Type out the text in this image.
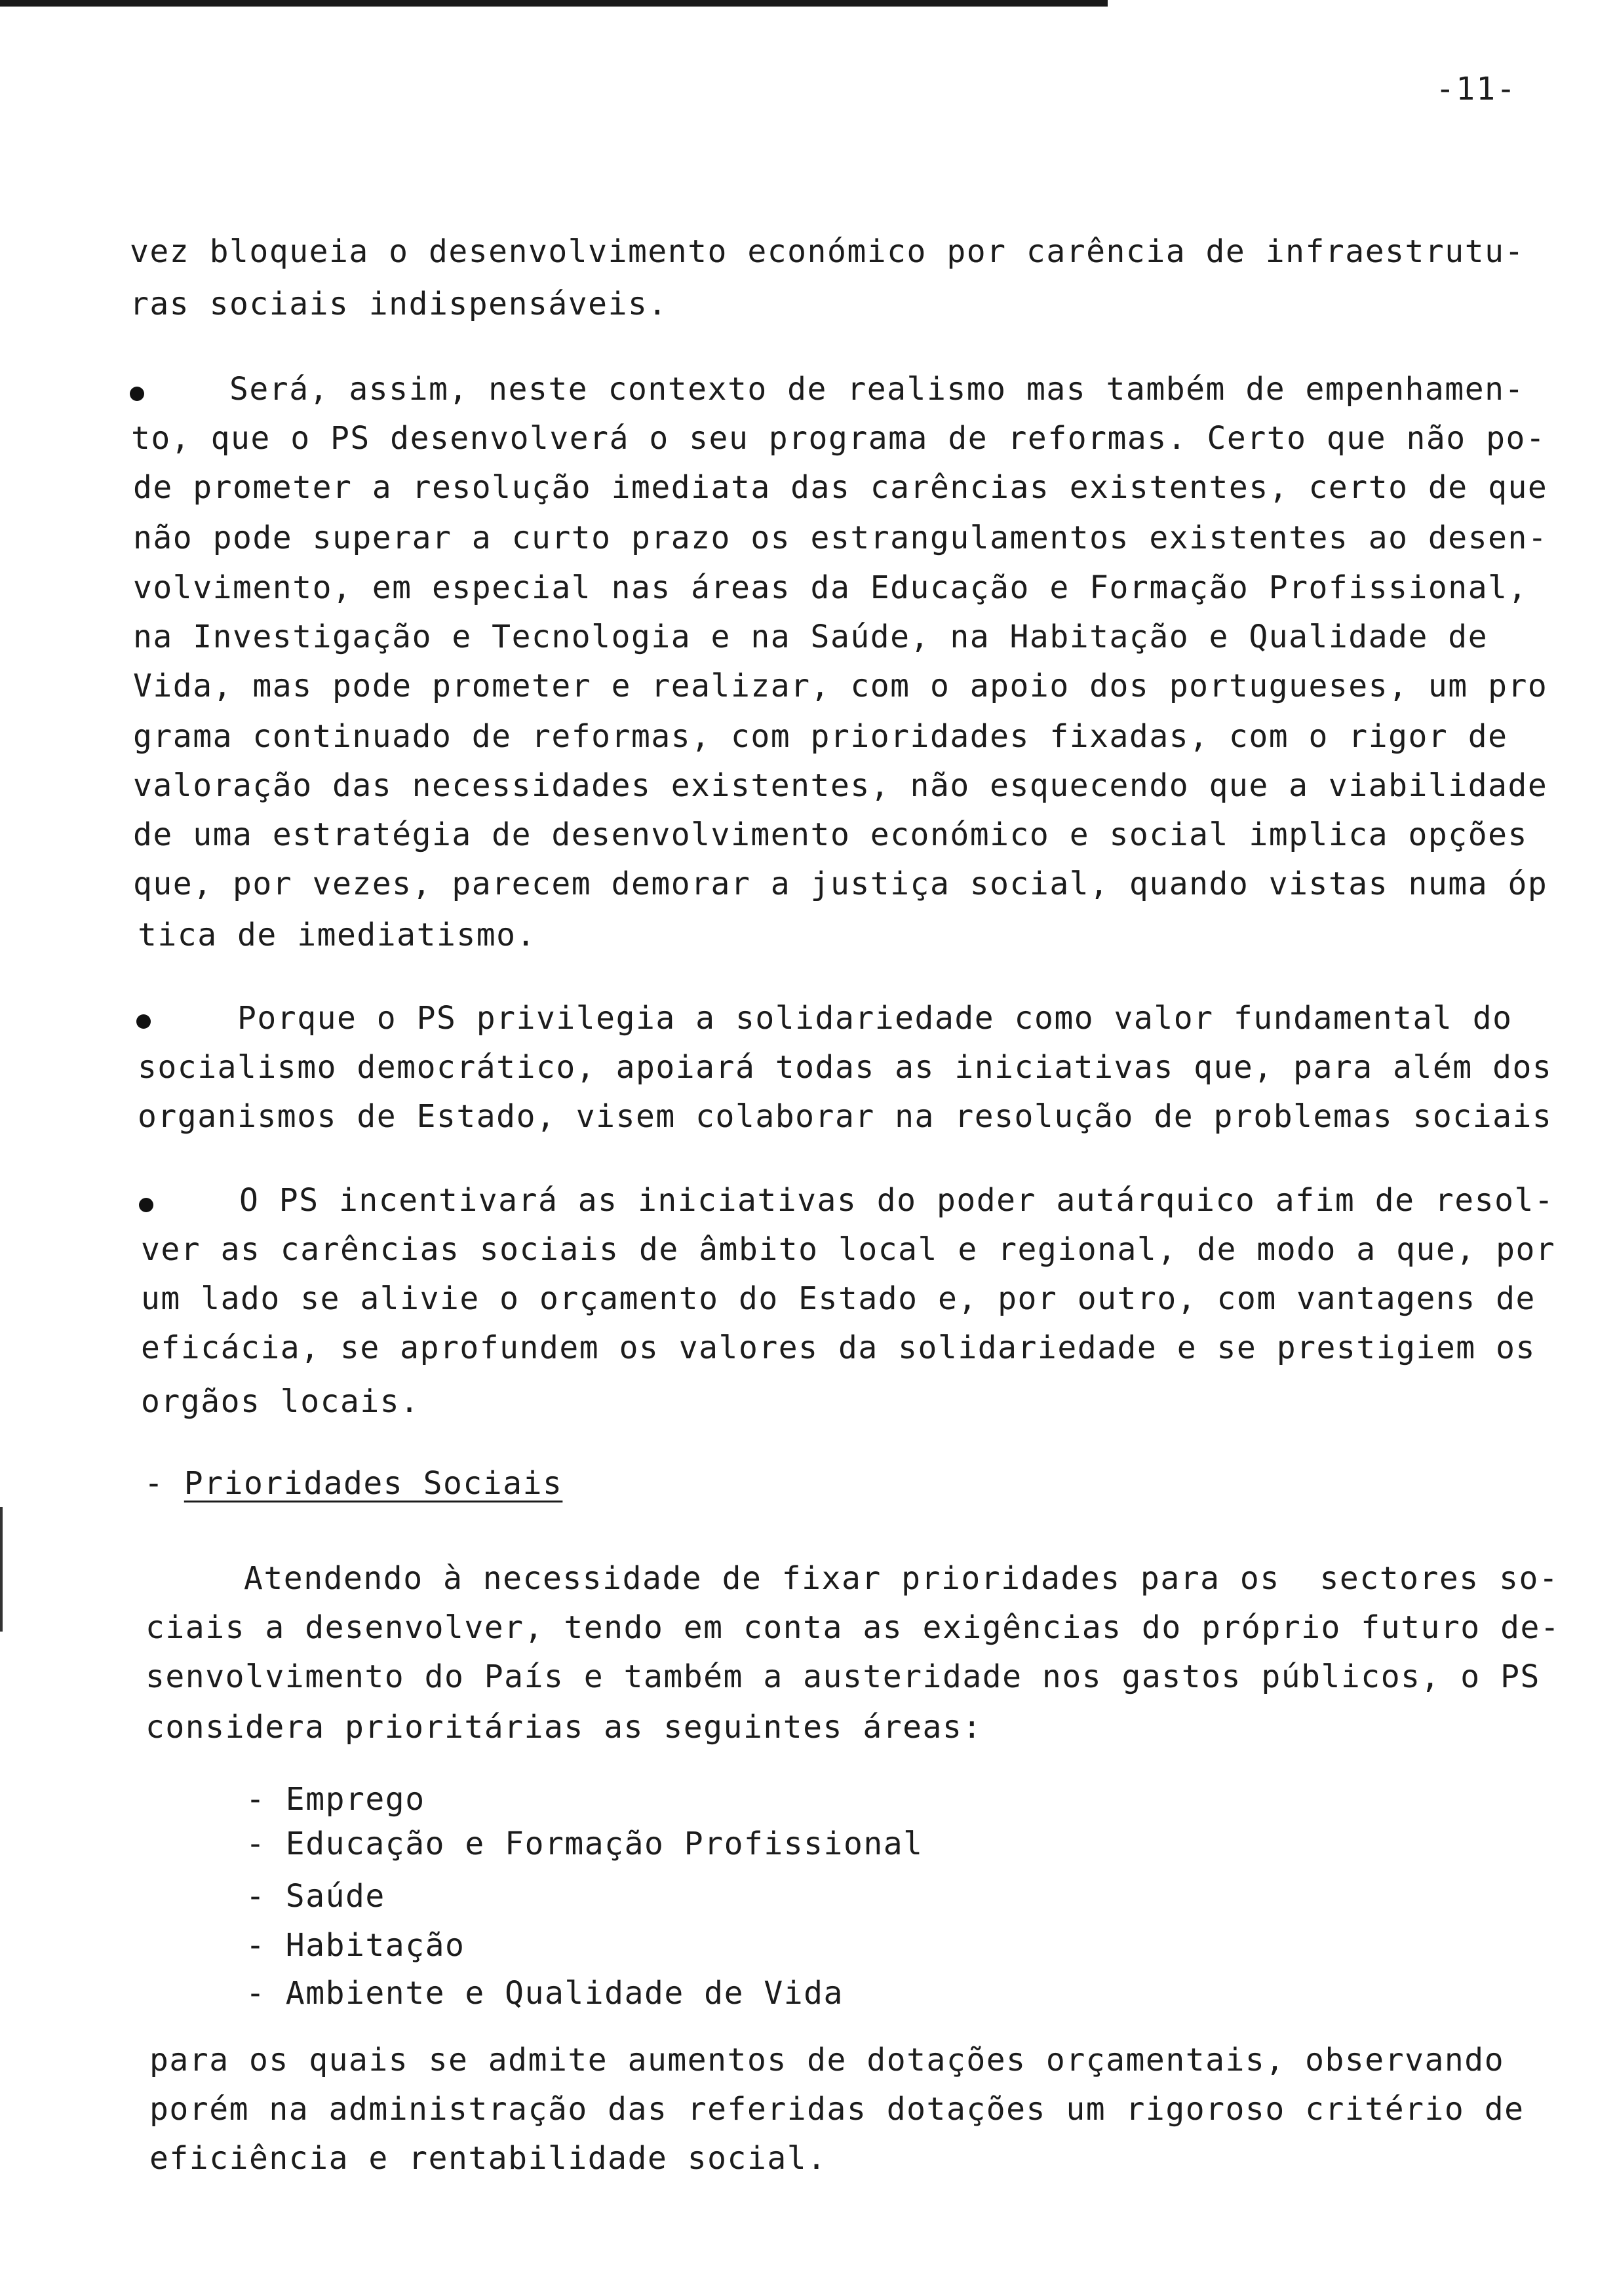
-11-
vez bloqueia o desenvolvimento económico por carência de infraestrutu-
ras sociais indispensáveis.
Será, assim, neste contexto de realismo mas também de empenhamen-
to, que o PS desenvolverá o seu programa de reformas. Certo que não po-
de prometer a resolução imediata das carências existentes, certo de que
não pode superar a curto prazo os estrangulamentos existentes ao desen-
volvimento, em especial nas áreas da Educação e Formação Profissional,
na Investigação e Tecnologia e na Saúde, na Habitação e Qualidade de
Vida, mas pode prometer e realizar, com o apoio dos portugueses, um pro
grama continuado de reformas, com prioridades fixadas, com o rigor de
valoração das necessidades existentes, não esquecendo que a viabilidade
de uma estratégia de desenvolvimento económico e social implica opções
que, por vezes, parecem demorar a justiça social, quando vistas numa óp
tica de imediatismo.
Porque o PS privilegia a solidariedade como valor fundamental do
socialismo democrático, apoiará todas as iniciativas que, para além dos
organismos de Estado, visem colaborar na resolução de problemas sociais
O PS incentivará as iniciativas do poder autárquico afim de resol-
ver as carências sociais de âmbito local e regional, de modo a que, por
um lado se alivie o orçamento do Estado e, por outro, com vantagens de
eficácia, se aprofundem os valores da solidariedade e se prestigiem os
orgãos locais.
- Prioridades Sociais
Atendendo à necessidade de fixar prioridades para os  sectores so-
ciais a desenvolver, tendo em conta as exigências do próprio futuro de-
senvolvimento do País e também a austeridade nos gastos públicos, o PS
considera prioritárias as seguintes áreas:
- Emprego
- Educação e Formação Profissional
- Saúde
- Habitação
- Ambiente e Qualidade de Vida
para os quais se admite aumentos de dotações orçamentais, observando
porém na administração das referidas dotações um rigoroso critério de
eficiência e rentabilidade social.
